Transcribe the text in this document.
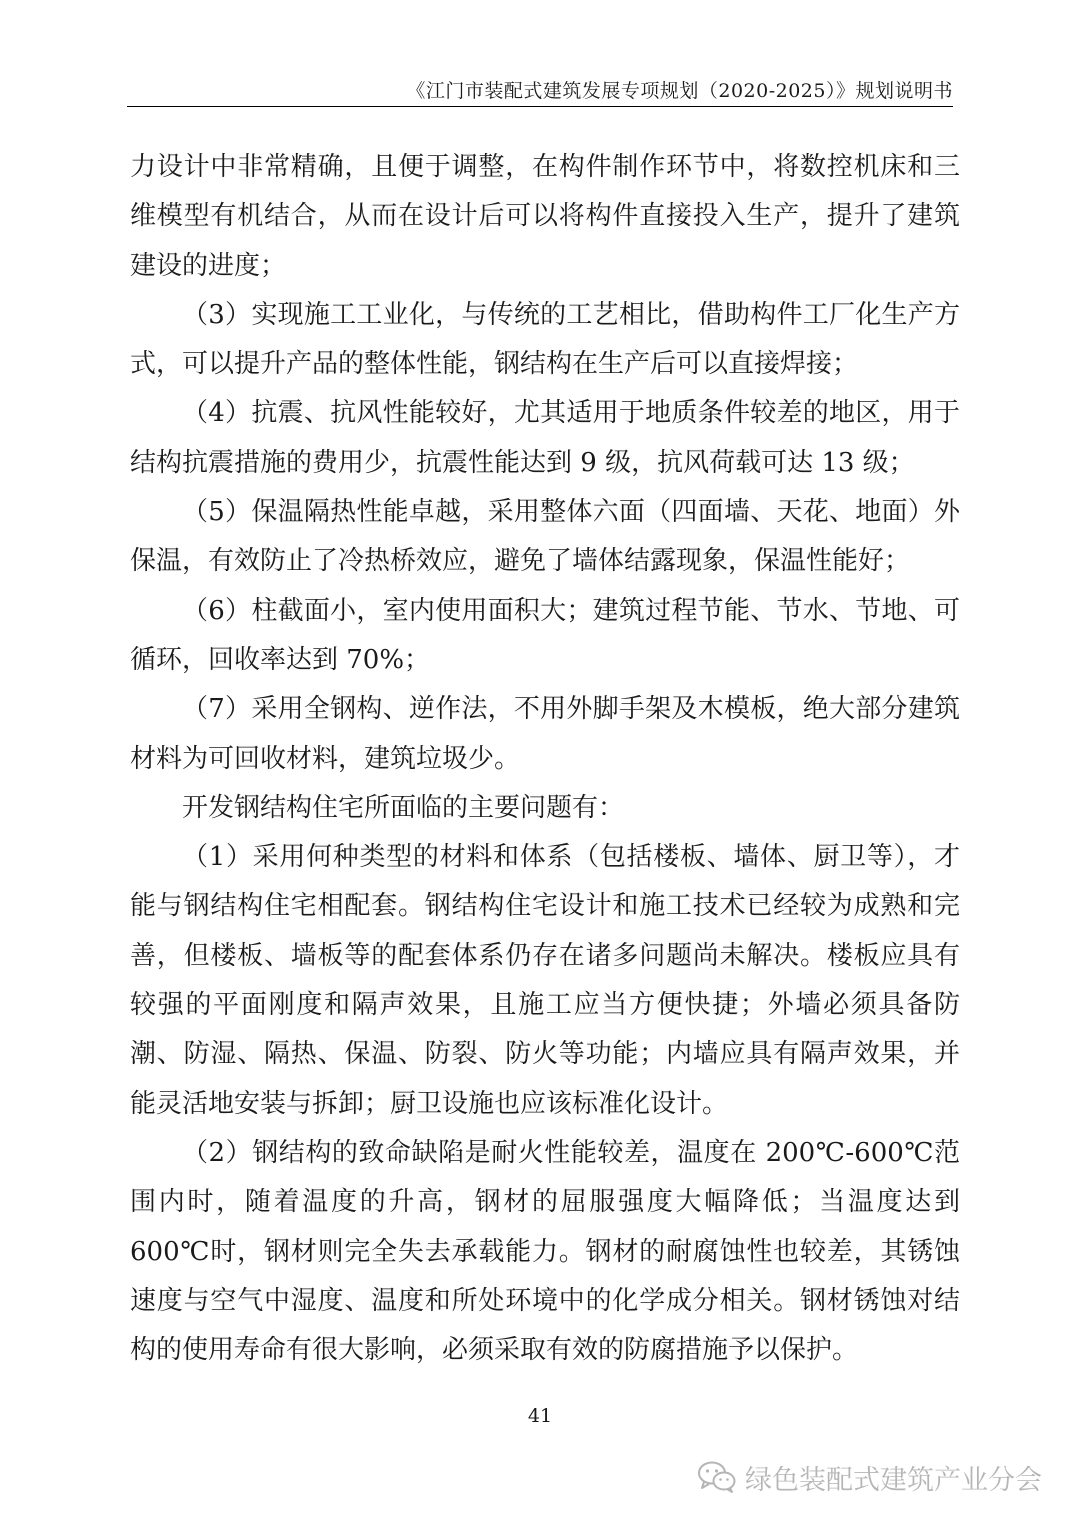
《江门市装配式建筑发展专项规划（2020-2025）》规划说明书

力设计中非常精确，且便于调整，在构件制作环节中，将数控机床和三维模型有机结合，从而在设计后可以将构件直接投入生产，提升了建筑建设的进度；

（3）实现施工工业化，与传统的工艺相比，借助构件工厂化生产方式，可以提升产品的整体性能，钢结构在生产后可以直接焊接；

（4）抗震、抗风性能较好，尤其适用于地质条件较差的地区，用于结构抗震措施的费用少，抗震性能达到 9 级，抗风荷载可达 13 级；

（5）保温隔热性能卓越，采用整体六面（四面墙、天花、地面）外保温，有效防止了冷热桥效应，避免了墙体结露现象，保温性能好；

（6）柱截面小，室内使用面积大；建筑过程节能、节水、节地、可循环，回收率达到 70%；

（7）采用全钢构、逆作法，不用外脚手架及木模板，绝大部分建筑材料为可回收材料，建筑垃圾少。

开发钢结构住宅所面临的主要问题有：

（1）采用何种类型的材料和体系（包括楼板、墙体、厨卫等），才能与钢结构住宅相配套。钢结构住宅设计和施工技术已经较为成熟和完善，但楼板、墙板等的配套体系仍存在诸多问题尚未解决。楼板应具有较强的平面刚度和隔声效果，且施工应当方便快捷；外墙必须具备防潮、防湿、隔热、保温、防裂、防火等功能；内墙应具有隔声效果，并能灵活地安装与拆卸；厨卫设施也应该标准化设计。

（2）钢结构的致命缺陷是耐火性能较差，温度在 200℃-600℃范围内时，随着温度的升高，钢材的屈服强度大幅降低；当温度达到 600℃时，钢材则完全失去承载能力。钢材的耐腐蚀性也较差，其锈蚀速度与空气中湿度、温度和所处环境中的化学成分相关。钢材锈蚀对结构的使用寿命有很大影响，必须采取有效的防腐措施予以保护。

41
绿色装配式建筑产业分会
